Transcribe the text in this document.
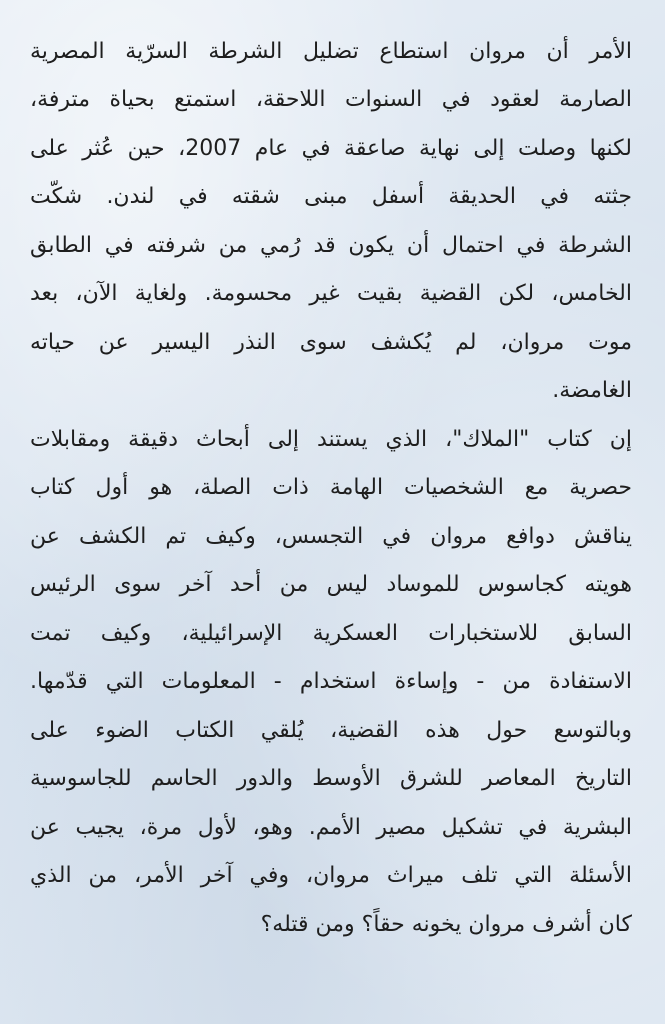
الأمر أن مروان استطاع تضليل الشرطة السرّية المصرية
الصارمة لعقود في السنوات اللاحقة، استمتع بحياة مترفة،
لكنها وصلت إلى نهاية صاعقة في عام 2007، حين عُثر على
جثته في الحديقة أسفل مبنى شقته في لندن. شكّت
الشرطة في احتمال أن يكون قد رُمي من شرفته في الطابق
الخامس، لكن القضية بقيت غير محسومة. ولغاية الآن، بعد
موت مروان، لم يُكشف سوى النذر اليسير عن حياته
الغامضة.
إن كتاب "الملاك"، الذي يستند إلى أبحاث دقيقة ومقابلات
حصرية مع الشخصيات الهامة ذات الصلة، هو أول كتاب
يناقش دوافع مروان في التجسس، وكيف تم الكشف عن
هويته كجاسوس للموساد ليس من أحد آخر سوى الرئيس
السابق للاستخبارات العسكرية الإسرائيلية، وكيف تمت
الاستفادة من - وإساءة استخدام - المعلومات التي قدّمها.
وبالتوسع حول هذه القضية، يُلقي الكتاب الضوء على
التاريخ المعاصر للشرق الأوسط والدور الحاسم للجاسوسية
البشرية في تشكيل مصير الأمم. وهو، لأول مرة، يجيب عن
الأسئلة التي تلف ميراث مروان، وفي آخر الأمر، من الذي
كان أشرف مروان يخونه حقاً؟ ومن قتله؟
